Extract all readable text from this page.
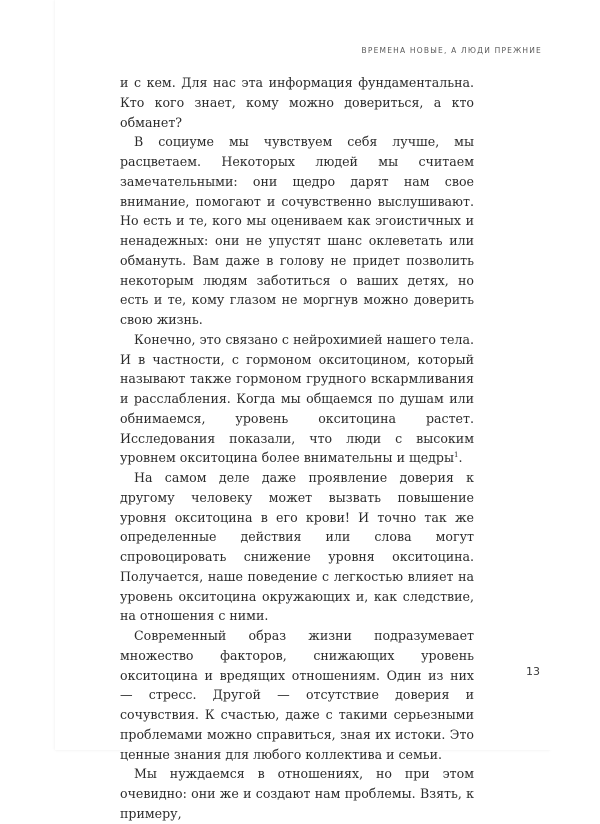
ВРЕМЕНА НОВЫЕ, А ЛЮДИ ПРЕЖНИЕ

и с кем. Для нас эта информация фундаментальна. Кто кого знает, кому можно довериться, а кто обманет?

В социуме мы чувствуем себя лучше, мы расцветаем. Некоторых людей мы считаем замечательными: они щедро дарят нам свое внимание, помогают и сочувственно выслушивают. Но есть и те, кого мы оцениваем как эгоистичных и ненадежных: они не упустят шанс оклеветать или обмануть. Вам даже в голову не придет позволить некоторым людям заботиться о ваших детях, но есть и те, кому глазом не моргнув можно доверить свою жизнь.

Конечно, это связано с нейрохимией нашего тела. И в частности, с гормоном окситоцином, который называют также гормоном грудного вскармливания и расслабления. Когда мы общаемся по душам или обнимаемся, уровень окситоцина растет. Исследования показали, что люди с высоким уровнем окситоцина более внимательны и щедры$^1$.

На самом деле даже проявление доверия к другому человеку может вызвать повышение уровня окситоцина в его крови! И точно так же определенные действия или слова могут спровоцировать снижение уровня окситоцина. Получается, наше поведение с легкостью влияет на уровень окситоцина окружающих и, как следствие, на отношения с ними.

Современный образ жизни подразумевает множество факторов, снижающих уровень окситоцина и вредящих отношениям. Один из них — стресс. Другой — отсутствие доверия и сочувствия. К счастью, даже с такими серьезными проблемами можно справиться, зная их истоки. Это ценные знания для любого коллектива и семьи.

Мы нуждаемся в отношениях, но при этом очевидно: они же и создают нам проблемы. Взять, к примеру,

13
